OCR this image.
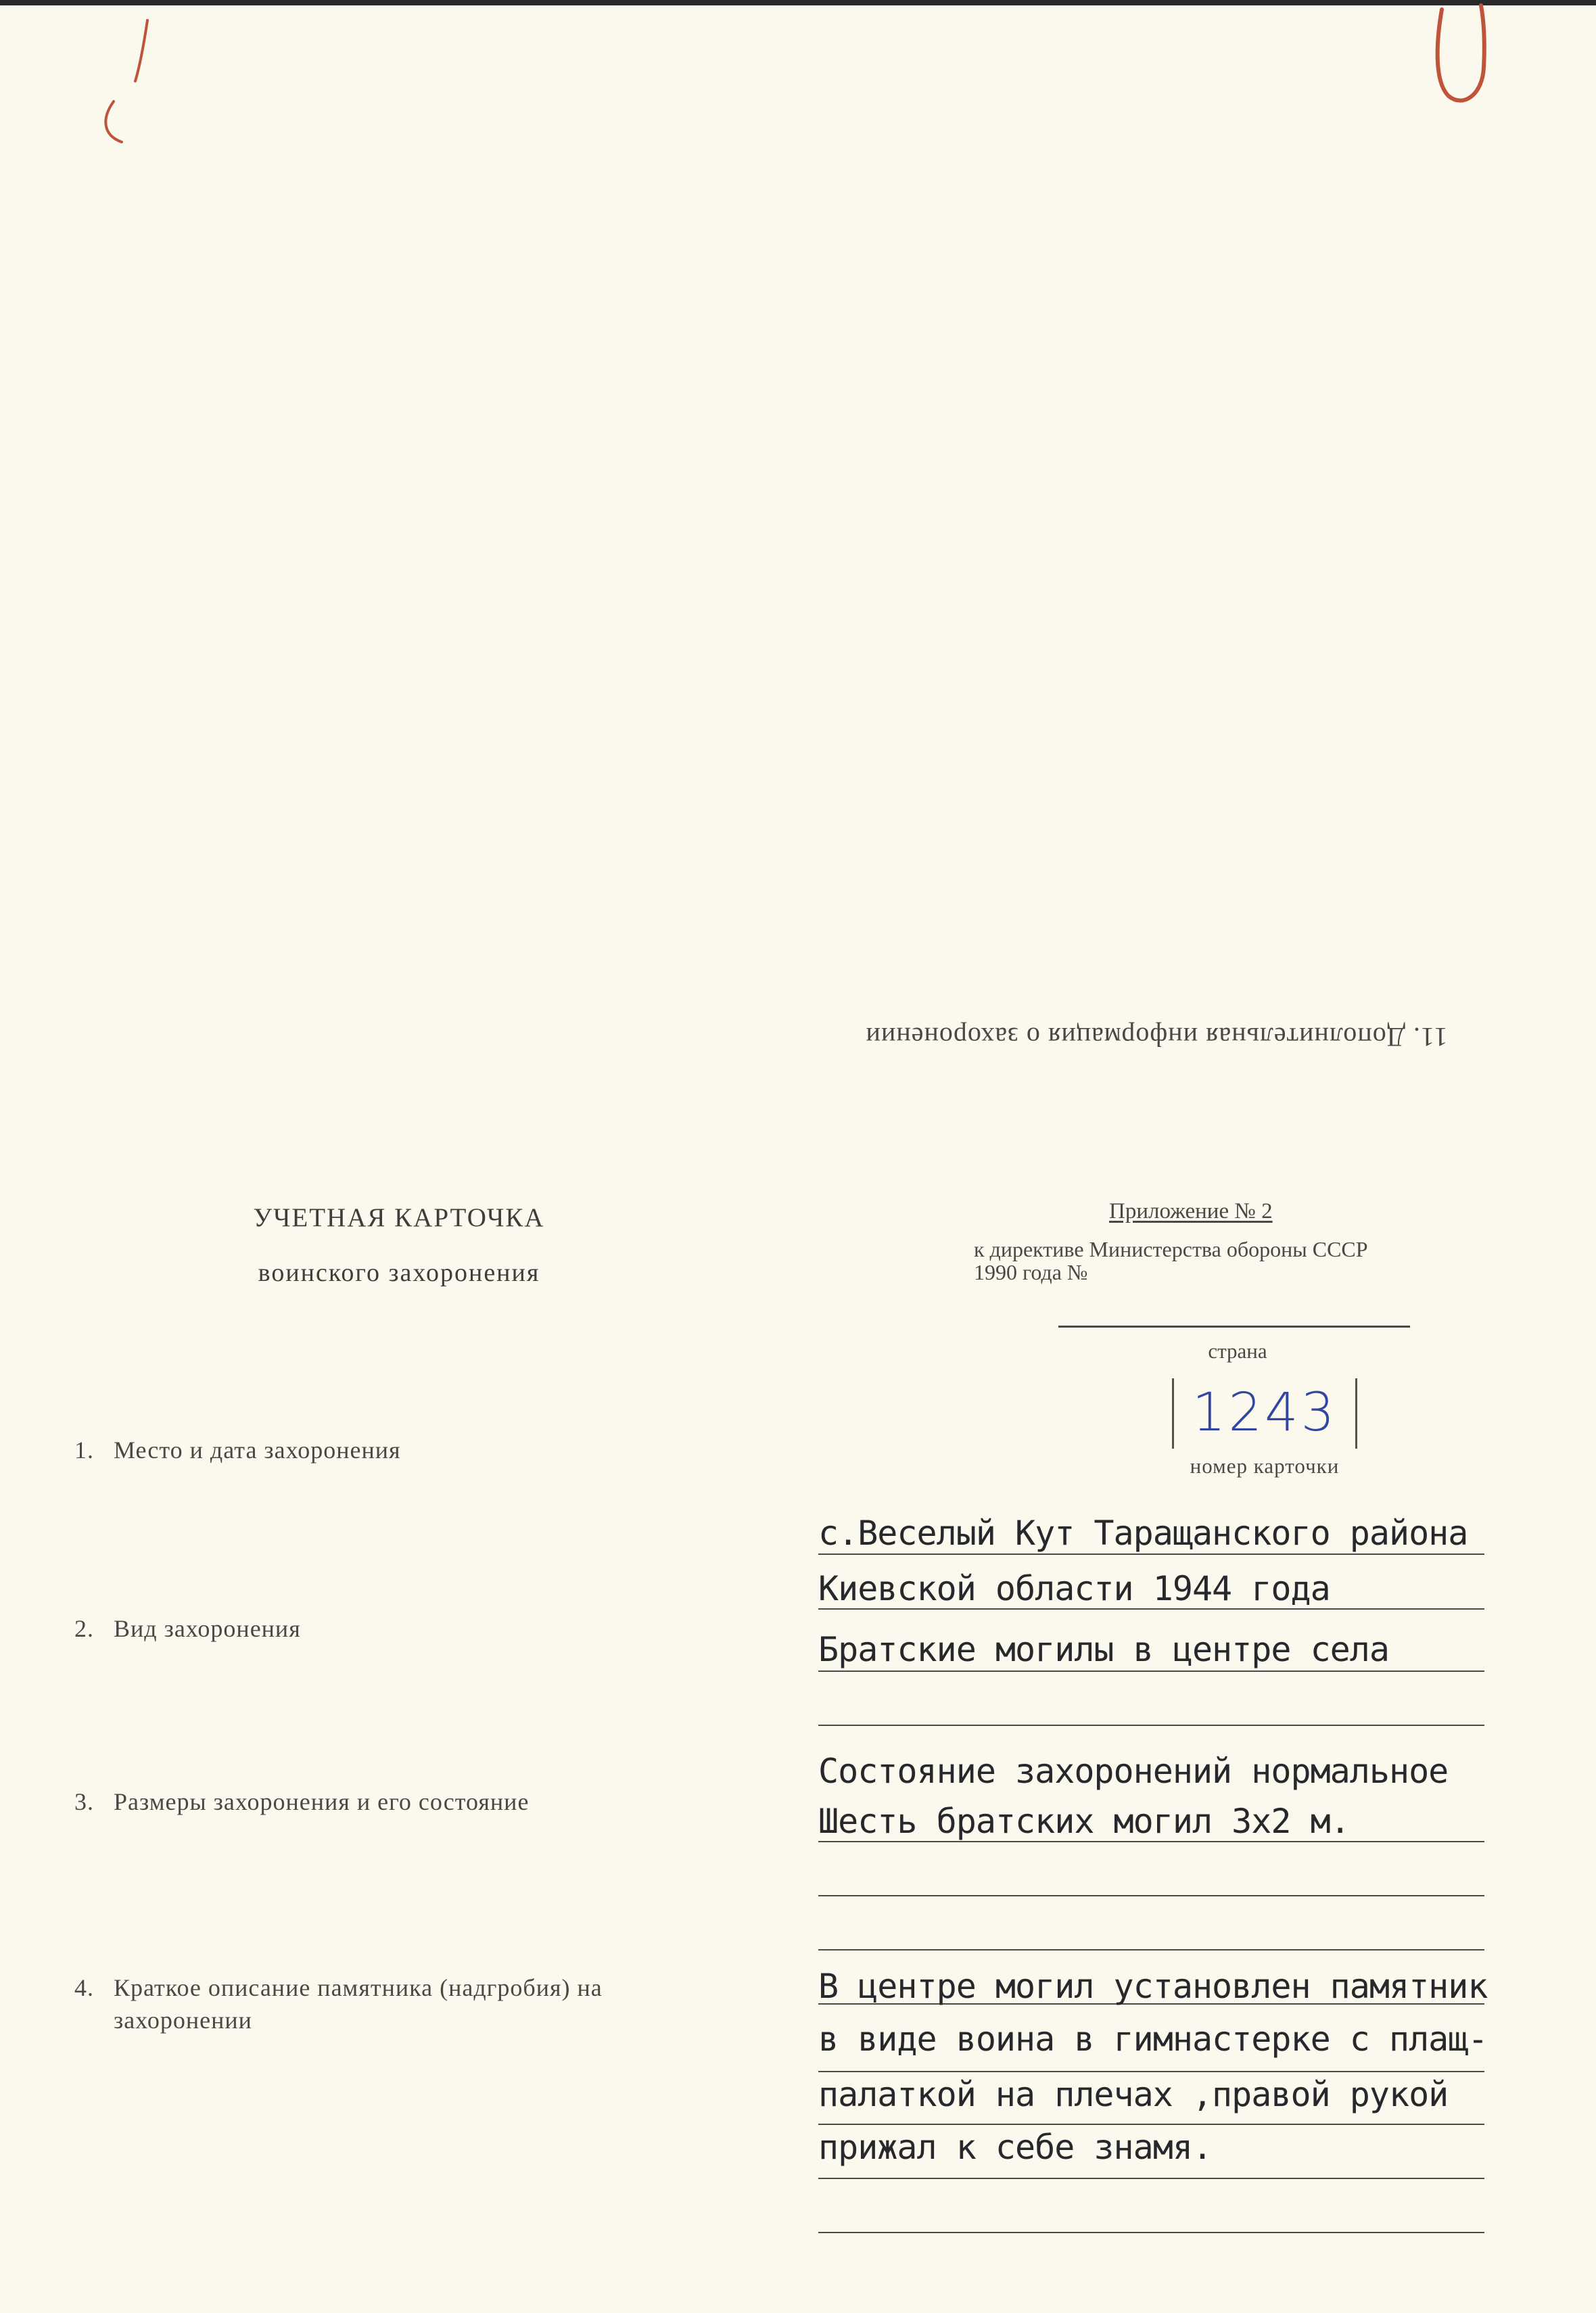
11. Дополнительная информация о захоронении
УЧЕТНАЯ КАРТОЧКА
воинского захоронения
Приложение № 2
к директиве Министерства обороны СССР
1990 года №
страна
1243
номер карточки
1. Место и дата захоронения
2. Вид захоронения
3. Размеры захоронения и его состояние
4. Краткое описание памятника (надгробия) на
захоронении
с.Веселый Кут Таращанского района
Киевской области 1944 года
Братские могилы в центре села
Состояние захоронений нормальное
Шесть братских могил 3х2 м.
В центре могил установлен памятник
в виде воина в гимнастерке с плащ-
палаткой на плечах ,правой рукой
прижал к себе знамя.
